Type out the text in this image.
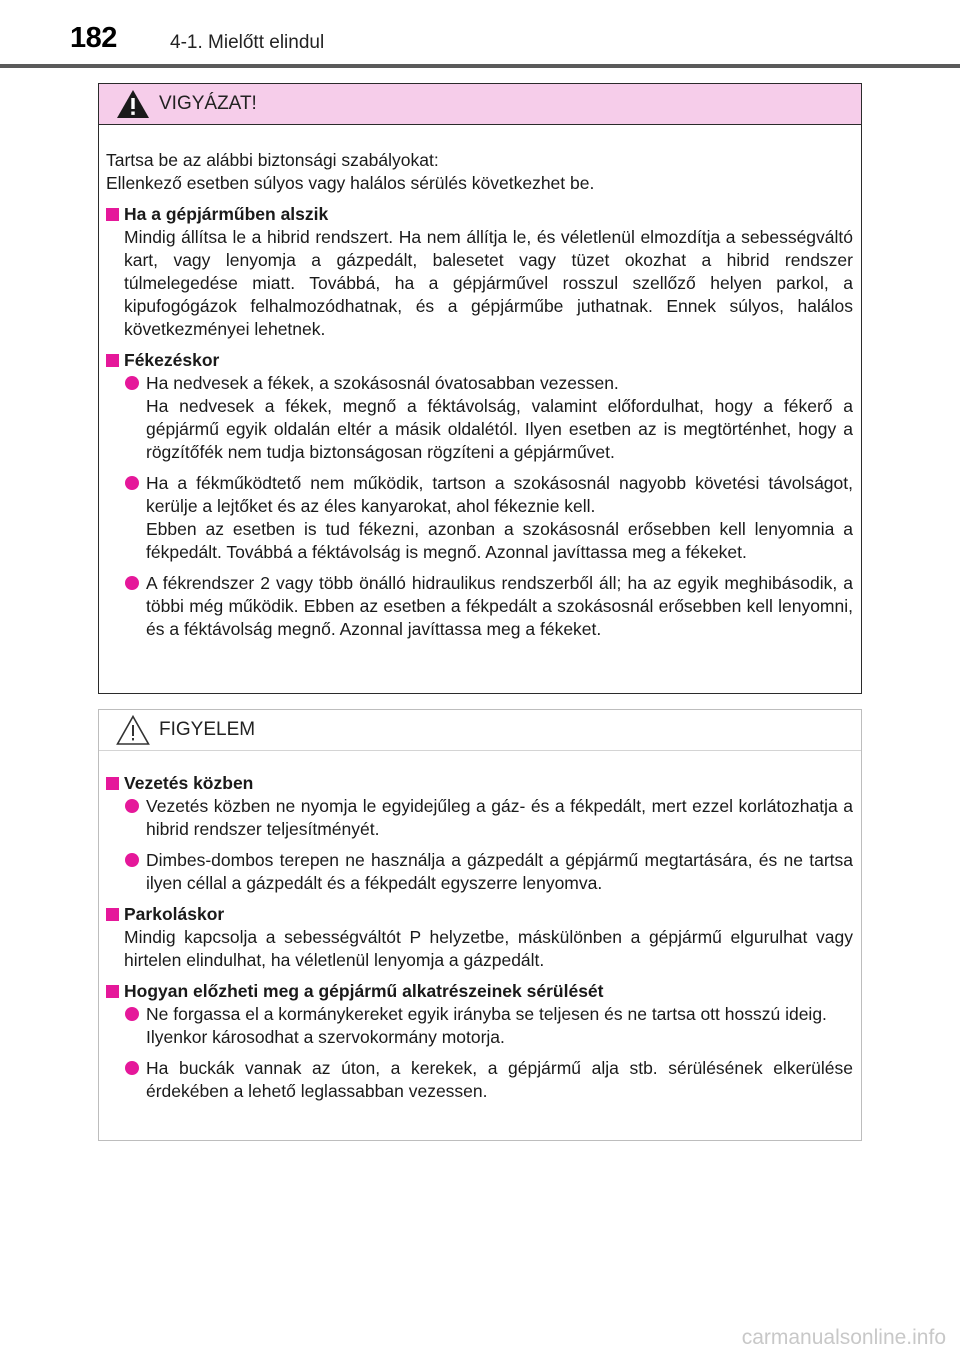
182	4-1. Mielőtt elindul
VIGYÁZAT!

Tartsa be az alábbi biztonsági szabályokat:

Ellenkező esetben súlyos vagy halálos sérülés következhet be.

Ha a gépjárműben alszik
Mindig állítsa le a hibrid rendszert. Ha nem állítja le, és véletlenül elmozdítja a sebességváltó kart, vagy lenyomja a gázpedált, balesetet vagy tüzet okozhat a hibrid rendszer túlmelegedése miatt. Továbbá, ha a gépjárművel rosszul szellőző helyen parkol, a kipufogógázok felhalmozódhatnak, és a gépjárműbe juthatnak. Ennek súlyos, halálos következményei lehetnek.
Fékezéskor
Ha nedvesek a fékek, a szokásosnál óvatosabban vezessen.
Ha nedvesek a fékek, megnő a féktávolság, valamint előfordulhat, hogy a fékerő a gépjármű egyik oldalán eltér a másik oldalétól. Ilyen esetben az is megtörténhet, hogy a rögzítőfék nem tudja biztonságosan rögzíteni a gépjárművet.
Ha a fékműködtető nem működik, tartson a szokásosnál nagyobb követési távolságot, kerülje a lejtőket és az éles kanyarokat, ahol fékeznie kell.
Ebben az esetben is tud fékezni, azonban a szokásosnál erősebben kell lenyomnia a fékpedált. Továbbá a féktávolság is megnő. Azonnal javíttassa meg a fékeket.
A fékrendszer 2 vagy több önálló hidraulikus rendszerből áll; ha az egyik meghibásodik, a többi még működik. Ebben az esetben a fékpedált a szokásosnál erősebben kell lenyomni, és a féktávolság megnő. Azonnal javíttassa meg a fékeket.
FIGYELEM
Vezetés közben
Vezetés közben ne nyomja le egyidejűleg a gáz- és a fékpedált, mert ezzel korlátozhatja a hibrid rendszer teljesítményét.
Dimbes-dombos terepen ne használja a gázpedált a gépjármű megtartására, és ne tartsa ilyen céllal a gázpedált és a fékpedált egyszerre lenyomva.
Parkoláskor
Mindig kapcsolja a sebességváltót P helyzetbe, máskülönben a gépjármű elgurulhat vagy hirtelen elindulhat, ha véletlenül lenyomja a gázpedált.
Hogyan előzheti meg a gépjármű alkatrészeinek sérülését
Ne forgassa el a kormánykereket egyik irányba se teljesen és ne tartsa ott hosszú ideig.
Ilyenkor károsodhat a szervokormány motorja.
Ha buckák vannak az úton, a kerekek, a gépjármű alja stb. sérülésének elkerülése érdekében a lehető leglassabban vezessen.
carmanualsonline.info
